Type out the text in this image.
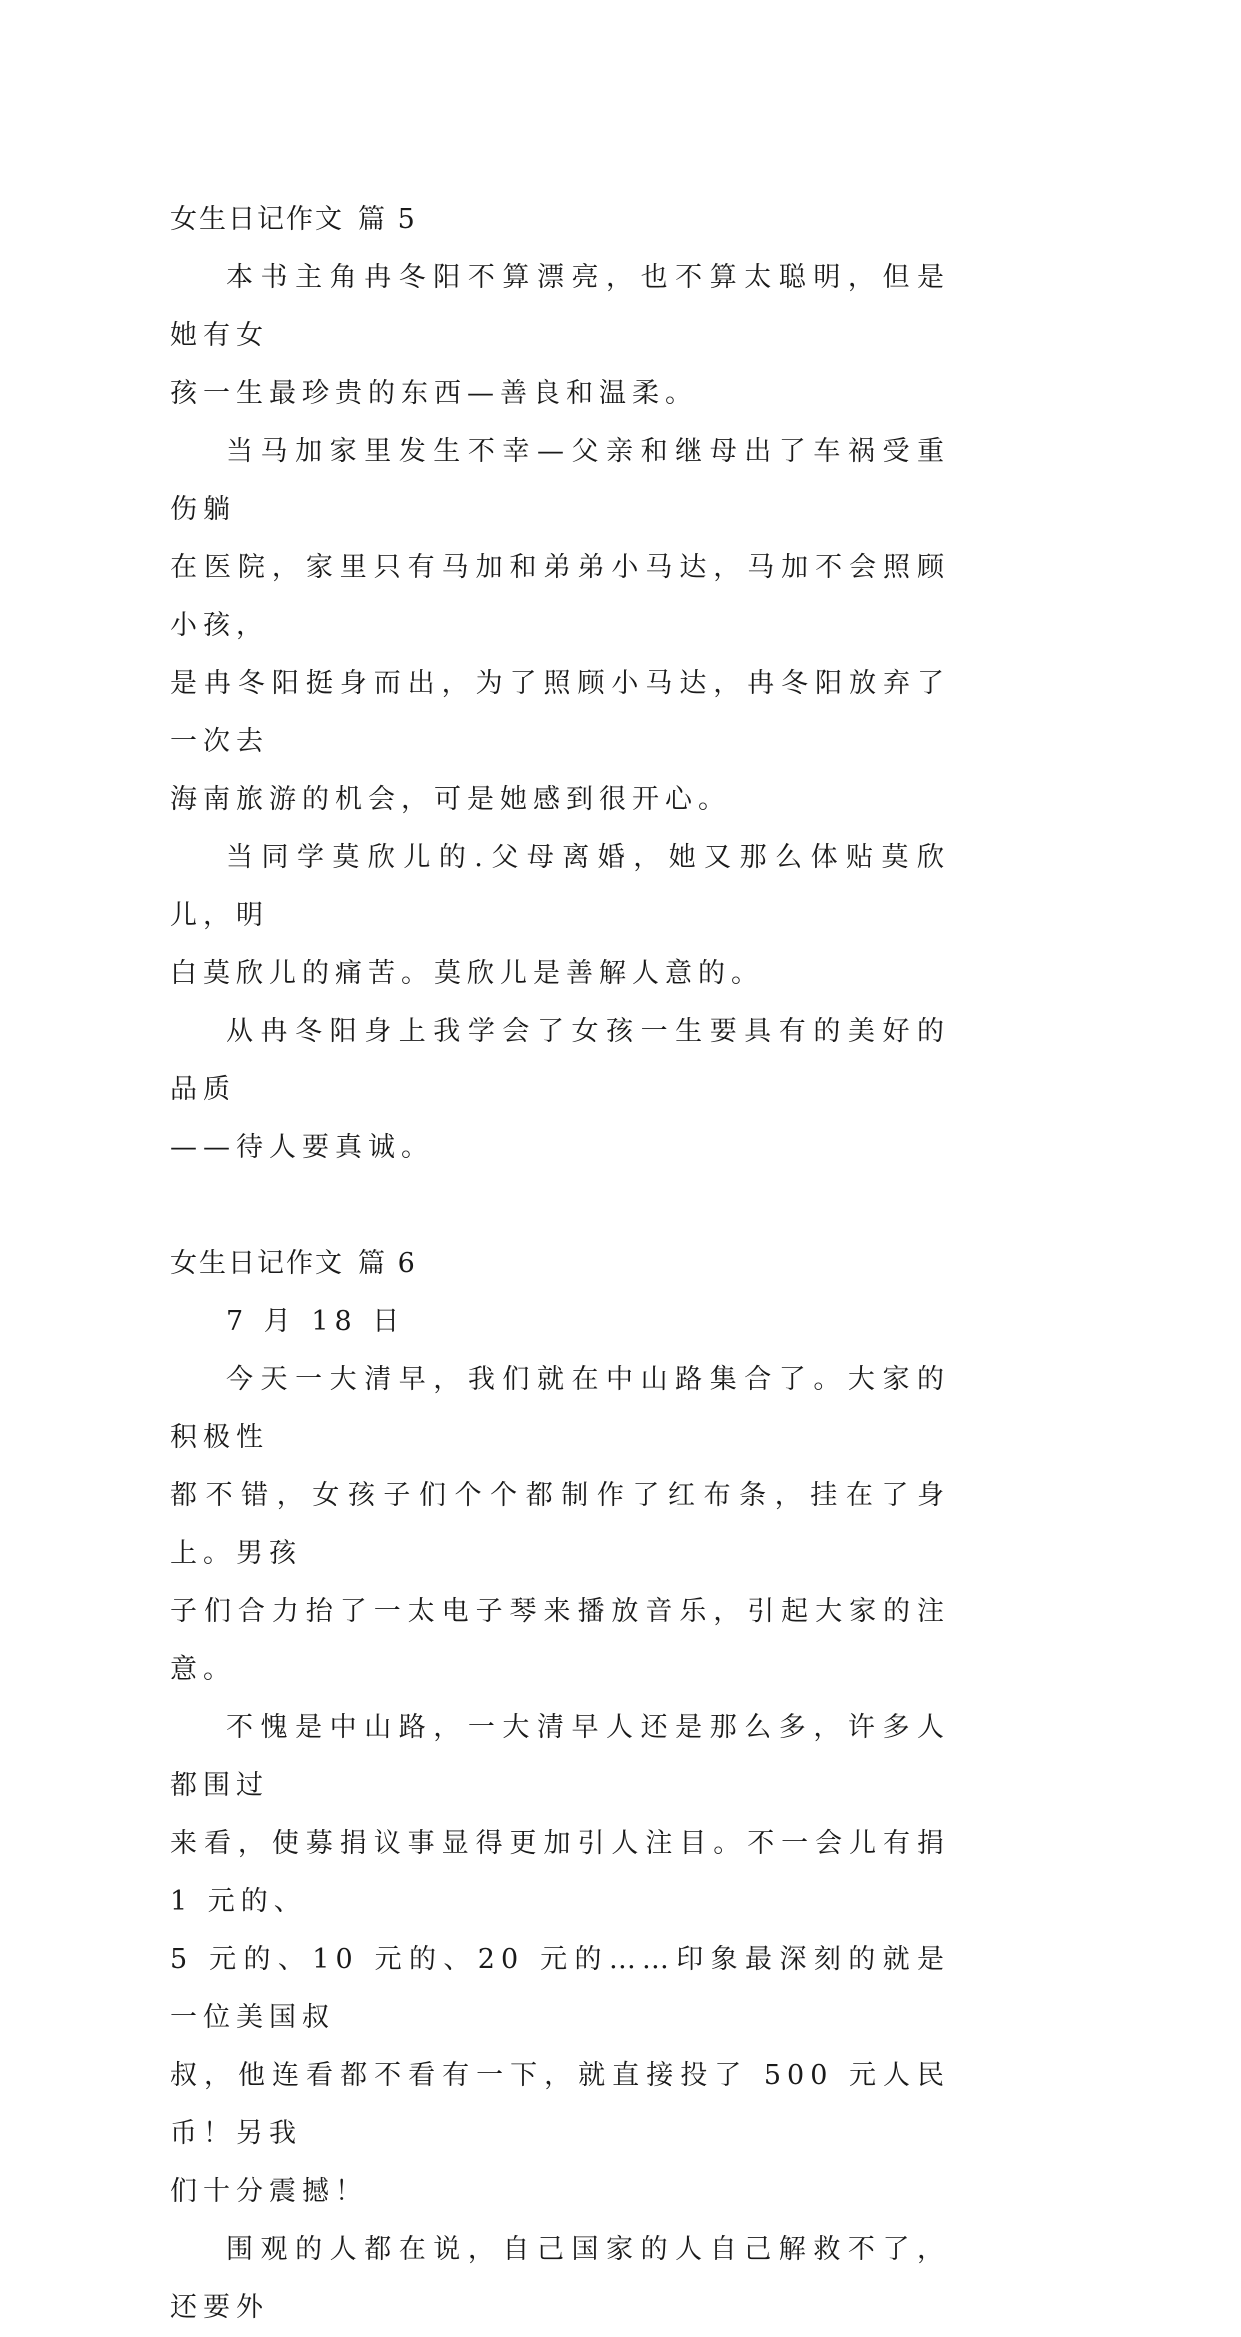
女生日记作文 篇 5

本书主角冉冬阳不算漂亮，也不算太聪明，但是她有女
孩一生最珍贵的东西—善良和温柔。

当马加家里发生不幸—父亲和继母出了车祸受重伤躺
在医院，家里只有马加和弟弟小马达，马加不会照顾小孩，
是冉冬阳挺身而出，为了照顾小马达，冉冬阳放弃了一次去
海南旅游的机会，可是她感到很开心。

当同学莫欣儿的.父母离婚，她又那么体贴莫欣儿，明
白莫欣儿的痛苦。莫欣儿是善解人意的。

从冉冬阳身上我学会了女孩一生要具有的美好的品质
——待人要真诚。

女生日记作文 篇 6

7 月 18 日

今天一大清早，我们就在中山路集合了。大家的积极性
都不错，女孩子们个个都制作了红布条，挂在了身上。男孩
子们合力抬了一太电子琴来播放音乐，引起大家的注意。

不愧是中山路，一大清早人还是那么多，许多人都围过
来看，使募捐议事显得更加引人注目。不一会儿有捐 1 元的、
5 元的、10 元的、20 元的……印象最深刻的就是一位美国叔
叔，他连看都不看有一下，就直接投了 500 元人民币！另我
们十分震撼！

围观的人都在说，自己国家的人自己解救不了，还要外
